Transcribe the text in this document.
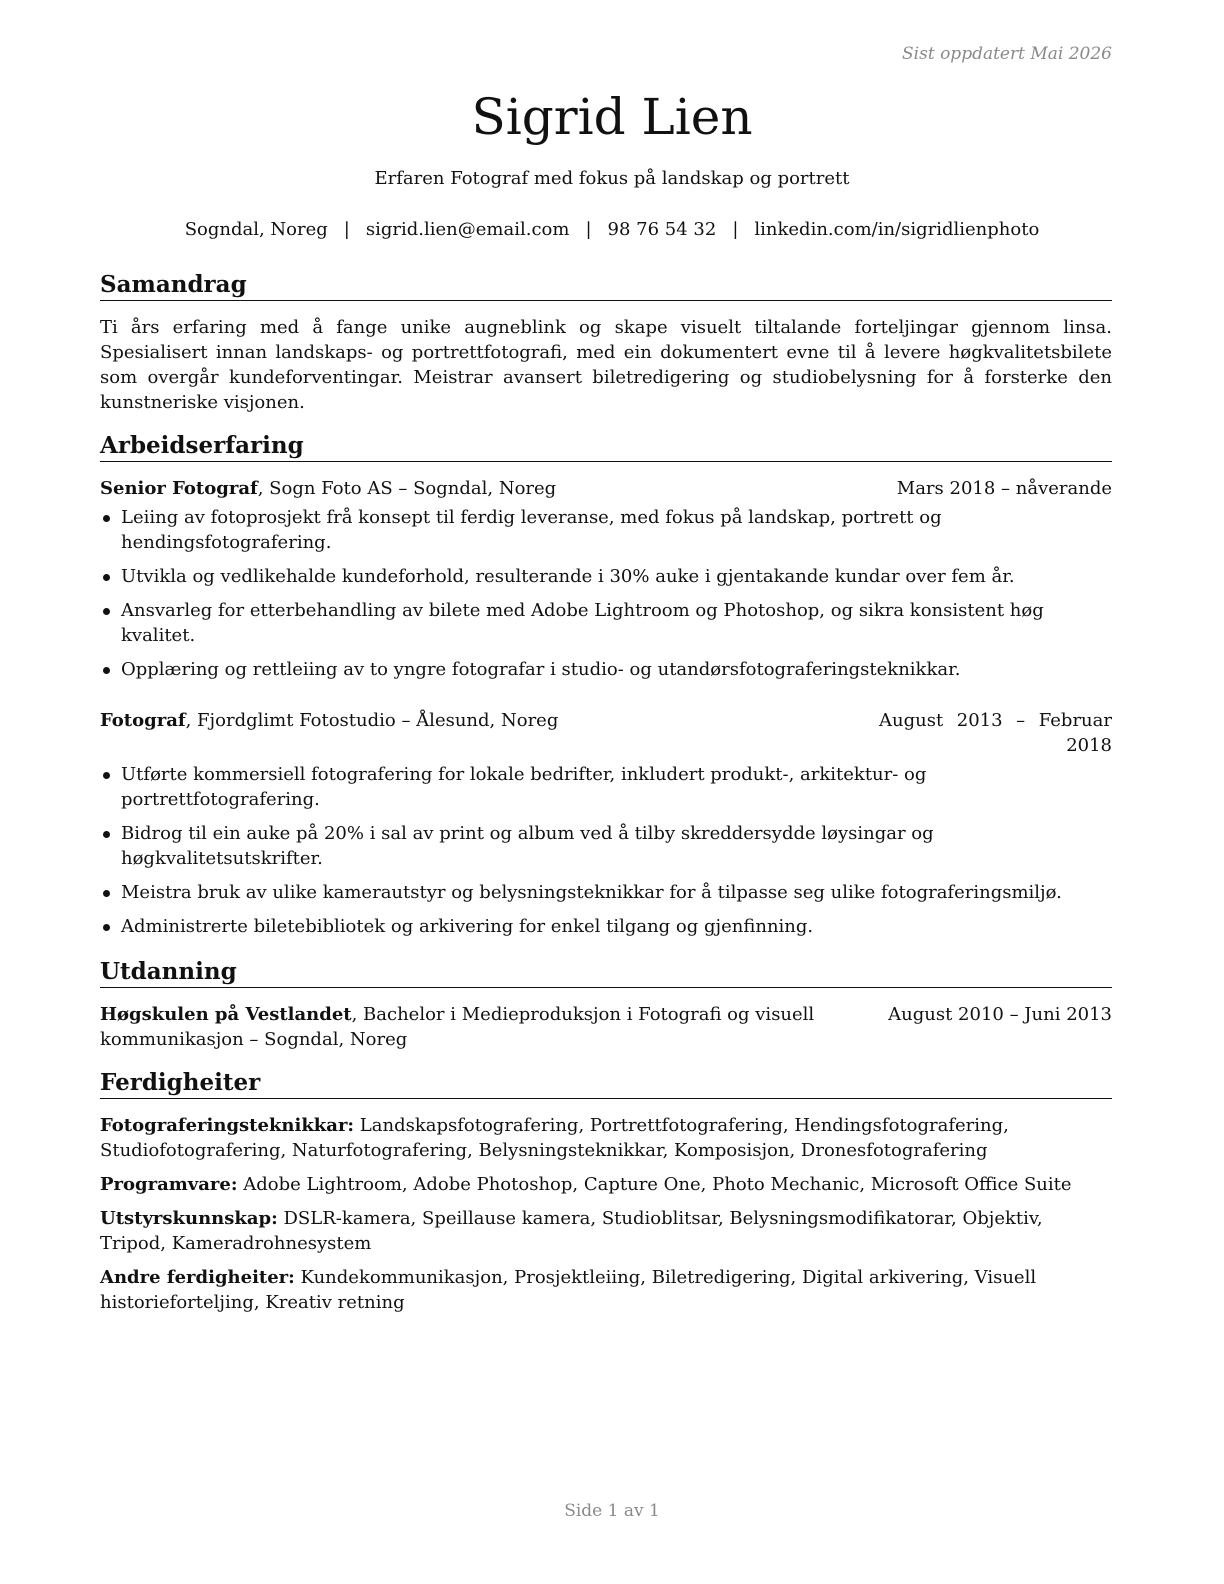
Sist oppdatert Mai 2026
Sigrid Lien
Erfaren Fotograf med fokus på landskap og portrett
Sogndal, Noreg | sigrid.lien@email.com | 98 76 54 32 | linkedin.com/in/sigridlienphoto
Samandrag

Ti års erfaring med å fange unike augneblink og skape visuelt tiltalande forteljingar gjennom linsa. Spesialisert innan landskaps- og portrettfotografi, med ein dokumentert evne til å levere høgkvalitetsbilete som overgår kundeforventingar. Meistrar avansert biletredigering og studiobelysning for å forsterke den kunstneriske visjonen.

Arbeidserfaring
Senior Fotograf, Sogn Foto AS – Sogndal, Noreg	Mars 2018 – nåverande
Leiing av fotoprosjekt frå konsept til ferdig leveranse, med fokus på landskap, portrett og hendingsfotografering.
Utvikla og vedlikehalde kundeforhold, resulterande i 30% auke i gjentakande kundar over fem år.
Ansvarleg for etterbehandling av bilete med Adobe Lightroom og Photoshop, og sikra konsistent høg kvalitet.
Opplæring og rettleiing av to yngre fotografar i studio- og utandørsfotograferingsteknikkar.
Fotograf, Fjordglimt Fotostudio – Ålesund, Noreg	August 2013 – Februar 2018
Utførte kommersiell fotografering for lokale bedrifter, inkludert produkt-, arkitektur- og portrettfotografering.
Bidrog til ein auke på 20% i sal av print og album ved å tilby skreddersydde løysingar og høgkvalitetsutskrifter.
Meistra bruk av ulike kamerautstyr og belysningsteknikkar for å tilpasse seg ulike fotograferingsmiljø.
Administrerte biletebibliotek og arkivering for enkel tilgang og gjenfinning.
Utdanning
Høgskulen på Vestlandet, Bachelor i Medieproduksjon i Fotografi og visuell kommunikasjon – Sogndal, Noreg
August 2010 – Juni 2013
Ferdigheiter
Fotograferingsteknikkar: Landskapsfotografering, Portrettfotografering, Hendingsfotografering, Studiofotografering, Naturfotografering, Belysningsteknikkar, Komposisjon, Dronesfotografering
Programvare: Adobe Lightroom, Adobe Photoshop, Capture One, Photo Mechanic, Microsoft Office Suite
Utstyrskunnskap: DSLR-kamera, Speillause kamera, Studioblitsar, Belysningsmodifikatorar, Objektiv, Tripod, Kameradrohnesystem
Andre ferdigheiter: Kundekommunikasjon, Prosjektleiing, Biletredigering, Digital arkivering, Visuell historieforteljing, Kreativ retning
Side 1 av 1
